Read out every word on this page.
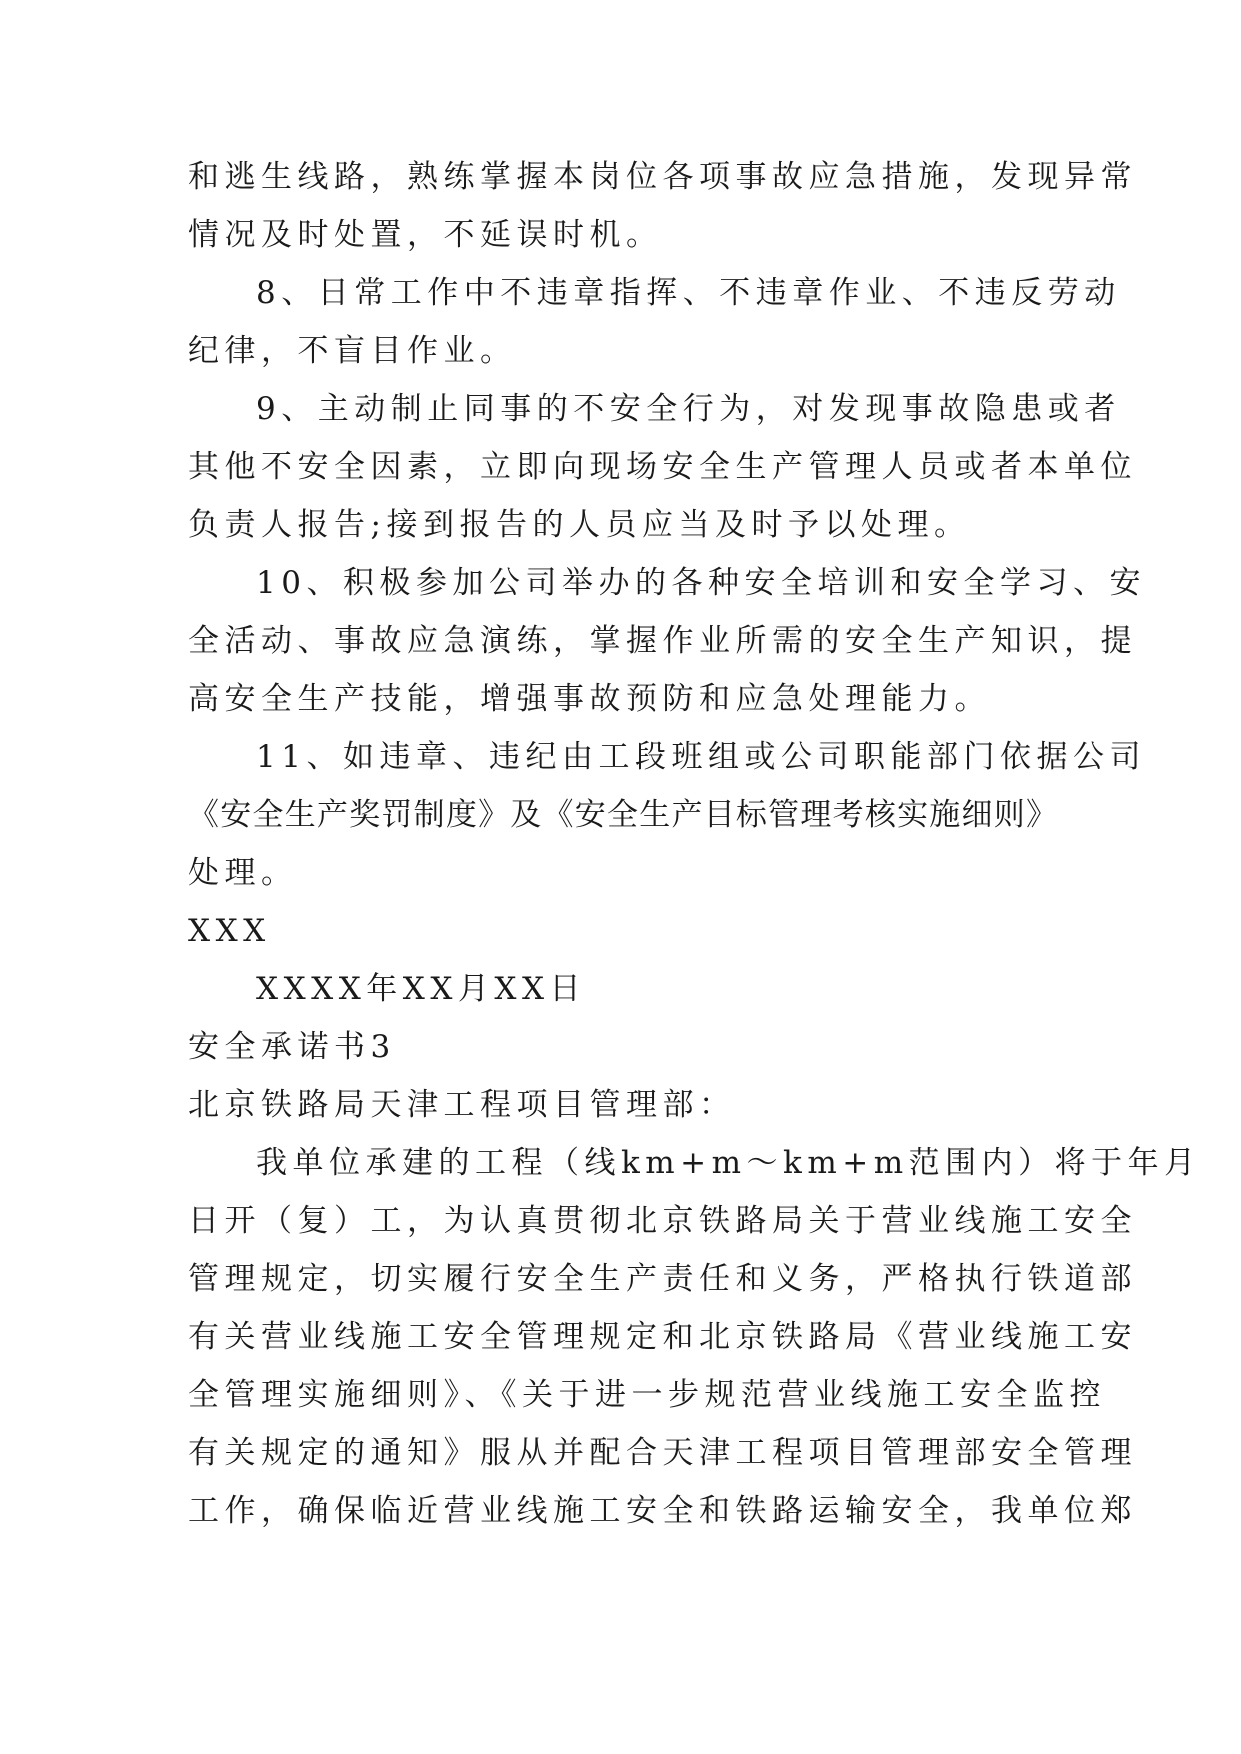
和逃生线路，熟练掌握本岗位各项事故应急措施，发现异常
情况及时处置，不延误时机。
8、日常工作中不违章指挥、不违章作业、不违反劳动
纪律，不盲目作业。
9、主动制止同事的不安全行为，对发现事故隐患或者
其他不安全因素，立即向现场安全生产管理人员或者本单位
负责人报告;接到报告的人员应当及时予以处理。
10、积极参加公司举办的各种安全培训和安全学习、安
全活动、事故应急演练，掌握作业所需的安全生产知识，提
高安全生产技能，增强事故预防和应急处理能力。
11、如违章、违纪由工段班组或公司职能部门依据公司
《安全生产奖罚制度》及《安全生产目标管理考核实施细则》
处理。
XXX
XXXX年XX月XX日
安全承诺书3
北京铁路局天津工程项目管理部：
我单位承建的工程（线km+m～km+m范围内）将于年月
日开（复）工，为认真贯彻北京铁路局关于营业线施工安全
管理规定，切实履行安全生产责任和义务，严格执行铁道部
有关营业线施工安全管理规定和北京铁路局《营业线施工安
全管理实施细则》、《关于进一步规范营业线施工安全监控
有关规定的通知》服从并配合天津工程项目管理部安全管理
工作，确保临近营业线施工安全和铁路运输安全，我单位郑
